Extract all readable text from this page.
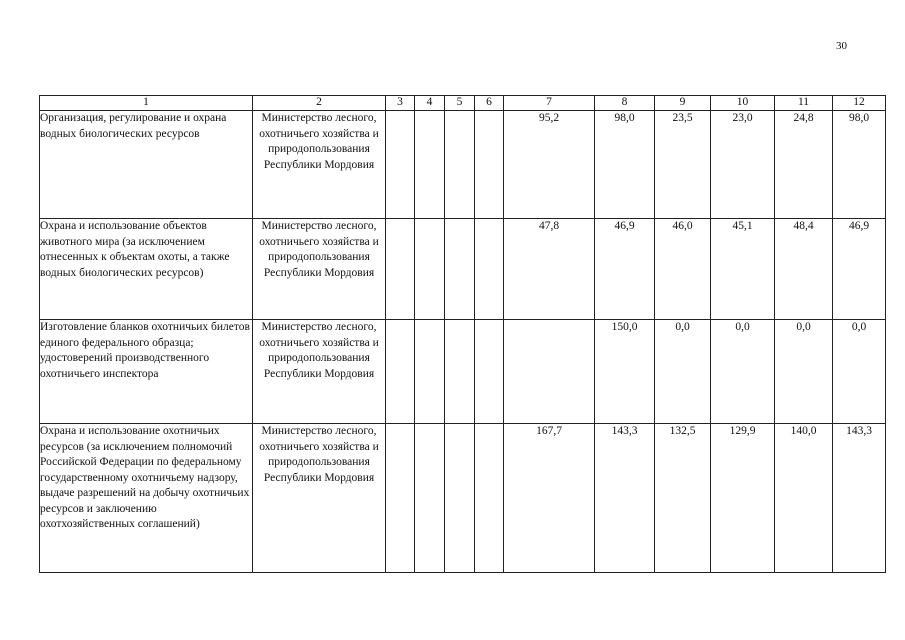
30
1	2	3	4	5	6	7	8	9	10	11	12
Организация, регулирование и охрана водных биологических ресурсов	Министерство лесного, охотничьего хозяйства и природопользования Республики Мордовия					95,2	98,0	23,5	23,0	24,8	98,0
Охрана и использование объектов животного мира (за исключением отнесенных к объектам охоты, а также водных биологических ресурсов)	Министерство лесного, охотничьего хозяйства и природопользования Республики Мордовия					47,8	46,9	46,0	45,1	48,4	46,9
Изготовление бланков охотничьих билетов единого федерального образца; удостоверений производственного охотничьего инспектора	Министерство лесного, охотничьего хозяйства и природопользования Республики Мордовия						150,0	0,0	0,0	0,0	0,0
Охрана и использование охотничьих ресурсов (за исключением полномочий Российской Федерации по федеральному государственному охотничьему надзору, выдаче разрешений на добычу охотничьих ресурсов и заключению охотхозяйственных соглашений)	Министерство лесного, охотничьего хозяйства и природопользования Республики Мордовия					167,7	143,3	132,5	129,9	140,0	143,3
